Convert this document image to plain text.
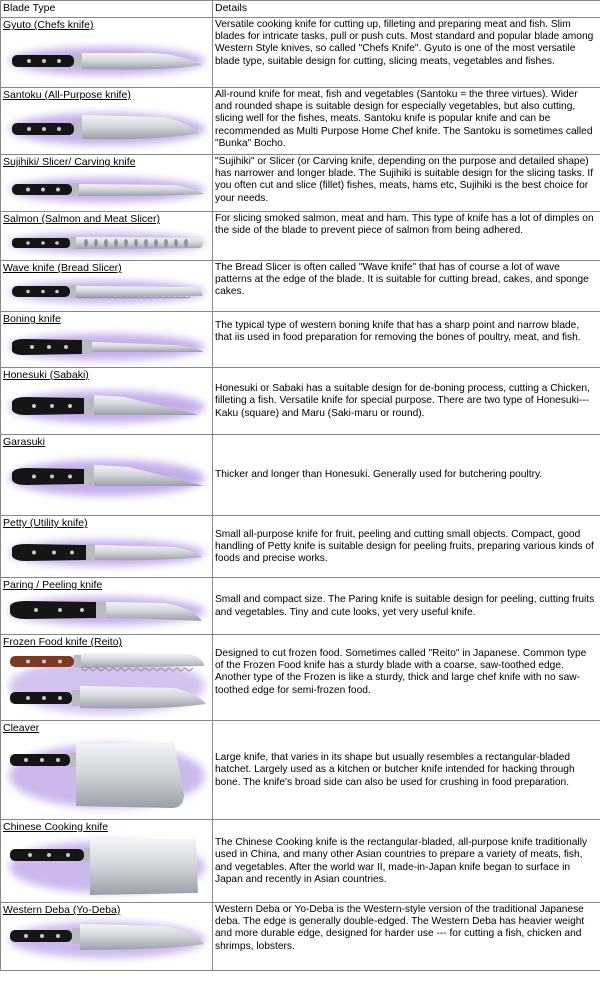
Blade Type	Details

Gyuto (Chefs knife)	Versatile cooking knife for cutting up, filleting and preparing meat and fish. Slim blades for intricate tasks, pull or push cuts. Most standard and popular blade among Western Style knives, so called "Chefs Knife". Gyuto is one of the most versatile blade type, suitable design for cutting, slicing meats, vegetables and fishes.

Santoku (All-Purpose knife)	All-round knife for meat, fish and vegetables (Santoku = the three virtues). Wider and rounded shape is suitable design for especially vegetables, but also cutting, slicing well for the fishes, meats. Santoku knife is popular knife and can be recommended as Multi Purpose Home Chef knife. The Santoku is sometimes called "Bunka" Bocho.

Sujihiki/ Slicer/ Carving knife	"Sujihiki" or Slicer (or Carving knife, depending on the purpose and detailed shape) has narrower and longer blade. The Sujihiki is suitable design for the slicing tasks. If you often cut and slice (fillet) fishes, meats, hams etc, Sujihiki is the best choice for your needs.

Salmon (Salmon and Meat Slicer)	For slicing smoked salmon, meat and ham. This type of knife has a lot of dimples on the side of the blade to prevent piece of salmon from being adhered.

Wave knife (Bread Slicer)	The Bread Slicer is often called "Wave knife" that has of course a lot of wave patterns at the edge of the blade. It is suitable for cutting bread, cakes, and sponge cakes.

Boning knife	The typical type of western boning knife that has a sharp point and narrow blade, that iis used in food preparation for removing the bones of poultry, meat, and fish.

Honesuki (Sabaki)	Honesuki or Sabaki has a suitable design for de-boning process, cutting a Chicken, filleting a fish. Versatile knife for special purpose. There are two type of Honesuki--- Kaku (square) and Maru (Saki-maru or round).

Garasuki	Thicker and longer than Honesuki. Generally used for butchering poultry.

Petty (Utility knife)	Small all-purpose knife for fruit, peeling and cutting small objects. Compact, good handling of Petty knife is suitable design for peeling fruits, preparing various kinds of foods and precise works.

Paring / Peeling knife	Small and compact size. The Paring knife is suitable design for peeling, cutting fruits and vegetables. Tiny and cute looks, yet very useful knife.

Frozen Food knife (Reito)	Designed to cut frozen food. Sometimes called "Reito" in Japanese. Common type of the Frozen Food knife has a sturdy blade with a coarse, saw-toothed edge. Another type of the Frozen is like a sturdy, thick and large chef knife with no saw-toothed edge for semi-frozen food.

Cleaver	Large knife, that varies in its shape but usually resembles a rectangular-bladed hatchet. Largely used as a kitchen or butcher knife intended for hacking through bone. The knife's broad side can also be used for crushing in food preparation.

Chinese Cooking knife	The Chinese Cooking knife is the rectangular-bladed, all-purpose knife traditionally used in China, and many other Asian countries to prepare a variety of meats, fish, and vegetables. After the world war II, made-in-Japan knife began to surface in Japan and recently in Asian countries.

Western Deba (Yo-Deba)	Western Deba or Yo-Deba is the Western-style version of the traditional Japanese deba. The edge is generally double-edged. The Western Deba has heavier weight and more durable edge, designed for harder use --- for cutting a fish, chicken and shrimps, lobsters.
